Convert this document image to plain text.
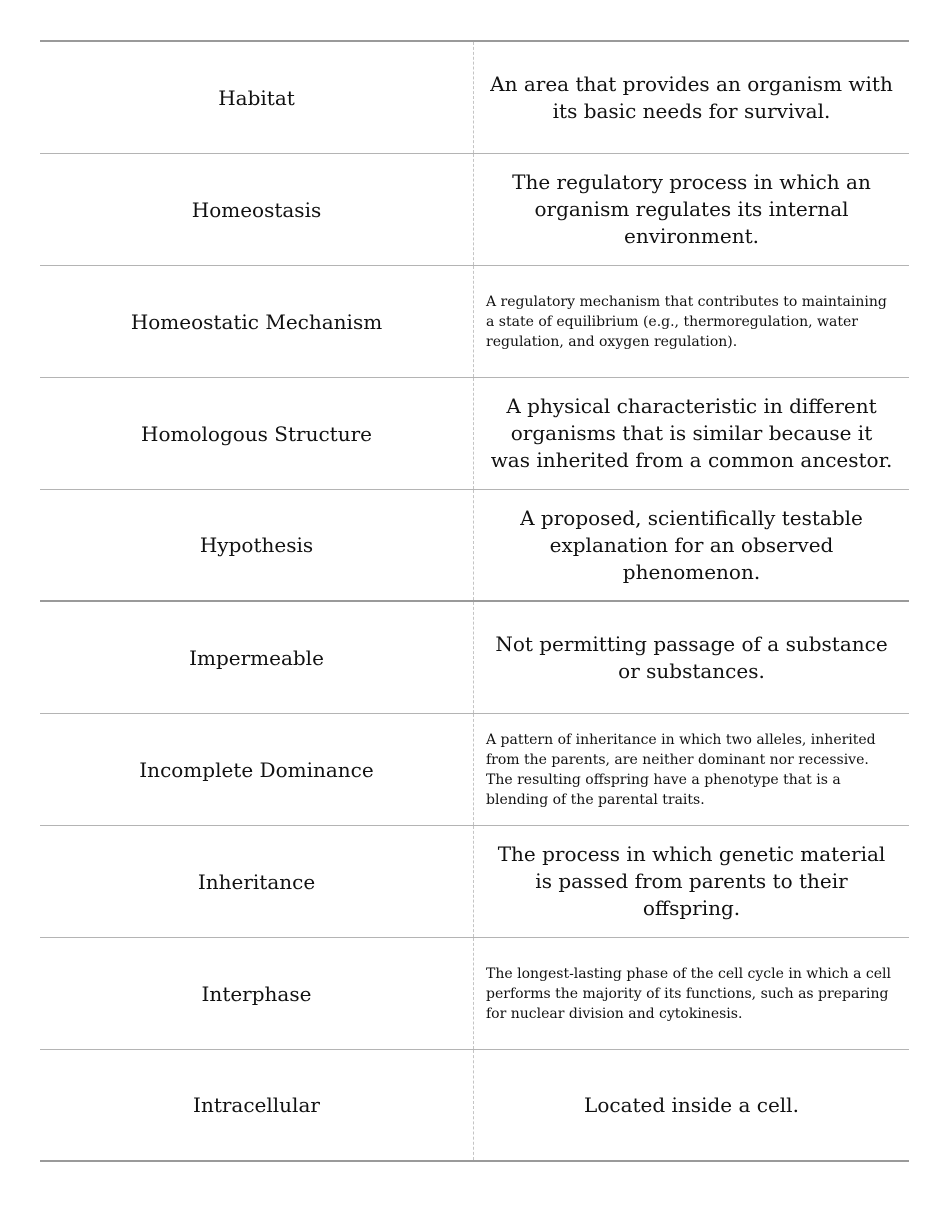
Habitat
An area that provides an organism with its basic needs for survival.
Homeostasis
The regulatory process in which an organism regulates its internal environment.
Homeostatic Mechanism
A regulatory mechanism that contributes to maintaining a state of equilibrium (e.g., thermoregulation, water regulation, and oxygen regulation).
Homologous Structure
A physical characteristic in different organisms that is similar because it was inherited from a common ancestor.
Hypothesis
A proposed, scientifically testable explanation for an observed phenomenon.
Impermeable
Not permitting passage of a substance or substances.
Incomplete Dominance
A pattern of inheritance in which two alleles, inherited from the parents, are neither dominant nor recessive. The resulting offspring have a phenotype that is a blending of the parental traits.
Inheritance
The process in which genetic material is passed from parents to their offspring.
Interphase
The longest-lasting phase of the cell cycle in which a cell performs the majority of its functions, such as preparing for nuclear division and cytokinesis.
Intracellular	Located inside a cell.
